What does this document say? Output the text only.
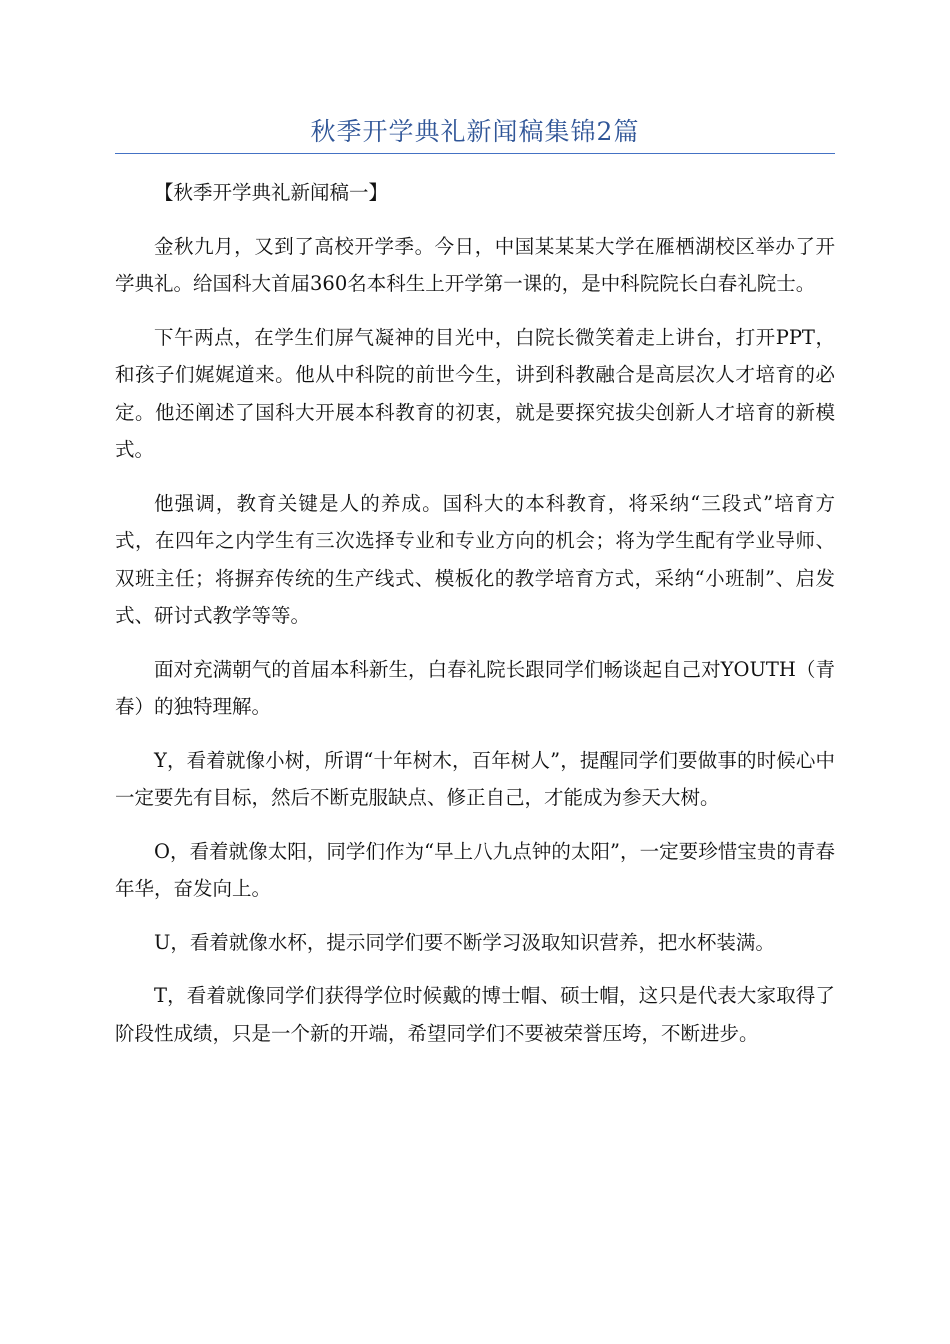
秋季开学典礼新闻稿集锦2篇

【秋季开学典礼新闻稿一】

金秋九月，又到了高校开学季。今日，中国某某某大学在雁栖湖校区举办了开学典礼。给国科大首届360名本科生上开学第一课的，是中科院院长白春礼院士。

下午两点，在学生们屏气凝神的目光中，白院长微笑着走上讲台，打开PPT，和孩子们娓娓道来。他从中科院的前世今生，讲到科教融合是高层次人才培育的必定。他还阐述了国科大开展本科教育的初衷，就是要探究拔尖创新人才培育的新模式。

他强调，教育关键是人的养成。国科大的本科教育，将采纳“三段式”培育方式，在四年之内学生有三次选择专业和专业方向的机会；将为学生配有学业导师、双班主任；将摒弃传统的生产线式、模板化的教学培育方式，采纳“小班制”、启发式、研讨式教学等等。

面对充满朝气的首届本科新生，白春礼院长跟同学们畅谈起自己对YOUTH（青春）的独特理解。

Y，看着就像小树，所谓“十年树木，百年树人”，提醒同学们要做事的时候心中一定要先有目标，然后不断克服缺点、修正自己，才能成为参天大树。

O，看着就像太阳，同学们作为“早上八九点钟的太阳”，一定要珍惜宝贵的青春年华，奋发向上。

U，看着就像水杯，提示同学们要不断学习汲取知识营养，把水杯装满。

T，看着就像同学们获得学位时候戴的博士帽、硕士帽，这只是代表大家取得了阶段性成绩，只是一个新的开端，希望同学们不要被荣誉压垮，不断进步。
